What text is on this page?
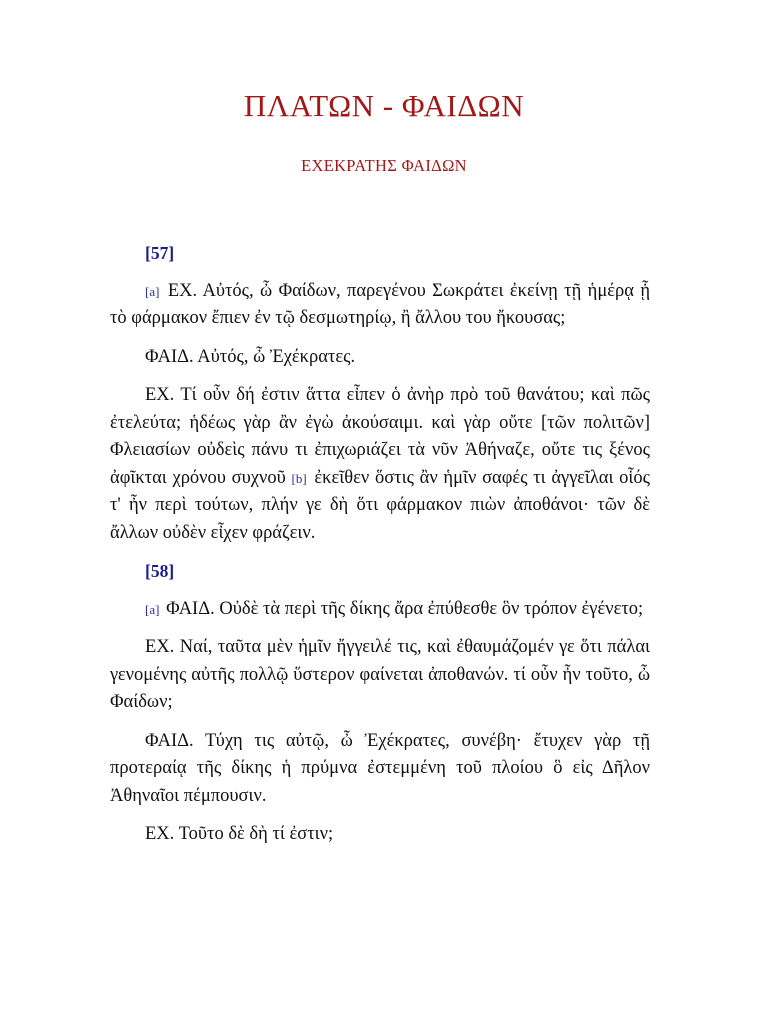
ΠΛΑΤΩΝ - ΦΑΙΔΩΝ
ΕΧΕΚΡΑΤΗΣ ΦΑΙΔΩΝ
[57]

[a] ΕΧ. Αὐτός, ὦ Φαίδων, παρεγένου Σωκράτει ἐκείνῃ τῇ ἡμέρᾳ ᾗ τὸ φάρμακον ἔπιεν ἐν τῷ δεσμωτηρίῳ, ἢ ἄλλου του ἤκουσας;

ΦΑΙΔ. Αὐτός, ὦ Ἐχέκρατες.

ΕΧ. Τί οὖν δή ἐστιν ἅττα εἶπεν ὁ ἀνὴρ πρὸ τοῦ θανάτου; καὶ πῶς ἐτελεύτα; ἡδέως γὰρ ἂν ἐγὼ ἀκούσαιμι. καὶ γὰρ οὔτε [τῶν πολιτῶν] Φλειασίων οὐδεὶς πάνυ τι ἐπιχωριάζει τὰ νῦν Ἀθήναζε, οὔτε τις ξένος ἀφῖκται χρόνου συχνοῦ [b] ἐκεῖθεν ὅστις ἂν ἡμῖν σαφές τι ἀγγεῖλαι οἷός τ' ἦν περὶ τούτων, πλήν γε δὴ ὅτι φάρμακον πιὼν ἀποθάνοι· τῶν δὲ ἄλλων οὐδὲν εἶχεν φράζειν.

[58]

[a] ΦΑΙΔ. Οὐδὲ τὰ περὶ τῆς δίκης ἄρα ἐπύθεσθε ὃν τρόπον ἐγένετο;

ΕΧ. Ναί, ταῦτα μὲν ἡμῖν ἤγγειλέ τις, καὶ ἐθαυμάζομέν γε ὅτι πάλαι γενομένης αὐτῆς πολλῷ ὕστερον φαίνεται ἀποθανών. τί οὖν ἦν τοῦτο, ὦ Φαίδων;

ΦΑΙΔ. Τύχη τις αὐτῷ, ὦ Ἐχέκρατες, συνέβη· ἔτυχεν γὰρ τῇ προτεραίᾳ τῆς δίκης ἡ πρύμνα ἐστεμμένη τοῦ πλοίου ὃ εἰς Δῆλον Ἀθηναῖοι πέμπουσιν.

ΕΧ. Τοῦτο δὲ δὴ τί ἐστιν;
